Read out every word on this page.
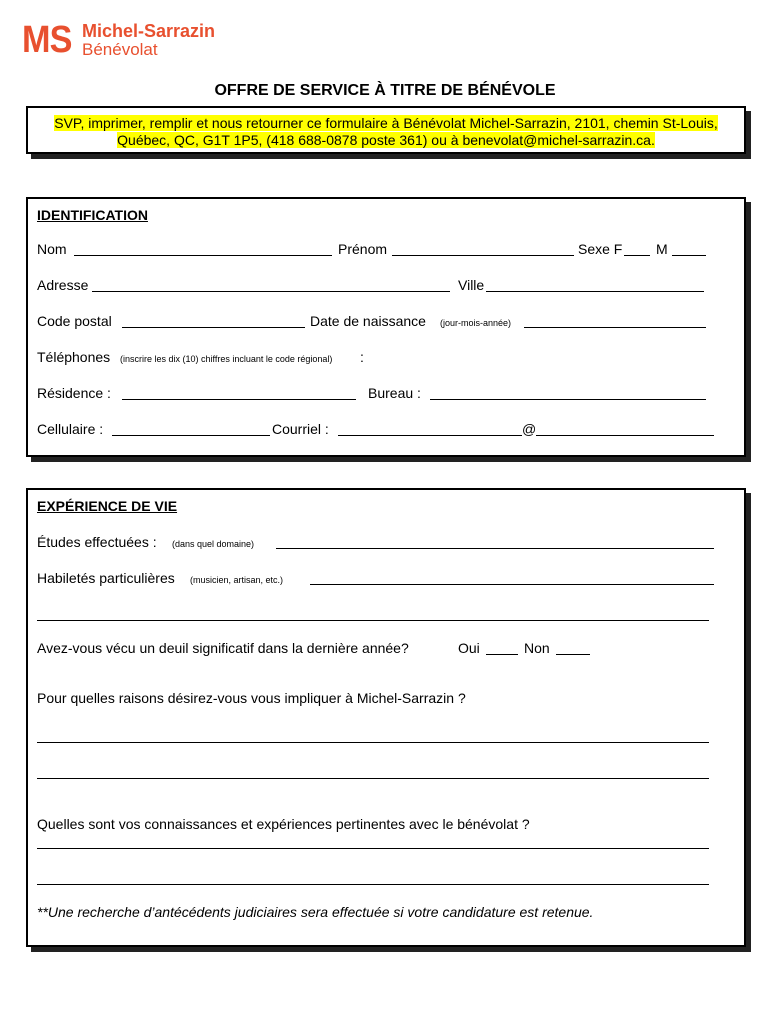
MS Michel-Sarrazin
Bénévolat
OFFRE DE SERVICE À TITRE DE BÉNÉVOLE
SVP, imprimer, remplir et nous retourner ce formulaire à Bénévolat Michel-Sarrazin, 2101, chemin St-Louis,
Québec, QC, G1T 1P5, (418 688-0878 poste 361) ou à benevolat@michel-sarrazin.ca.
IDENTIFICATION
Nom	Prénom	Sexe F M
Adresse	Ville
Code postal	Date de naissance (jour-mois-année)
Téléphones (inscrire les dix (10) chiffres incluant le code régional) :
Résidence :	Bureau :
Cellulaire :	Courriel :	@
EXPÉRIENCE DE VIE
Études effectuées : (dans quel domaine)
Habiletés particulières (musicien, artisan, etc.)
Avez-vous vécu un deuil significatif dans la dernière année?	Oui	Non
Pour quelles raisons désirez-vous vous impliquer à Michel-Sarrazin ?
Quelles sont vos connaissances et expériences pertinentes avec le bénévolat ?
**Une recherche d’antécédents judiciaires sera effectuée si votre candidature est retenue.
